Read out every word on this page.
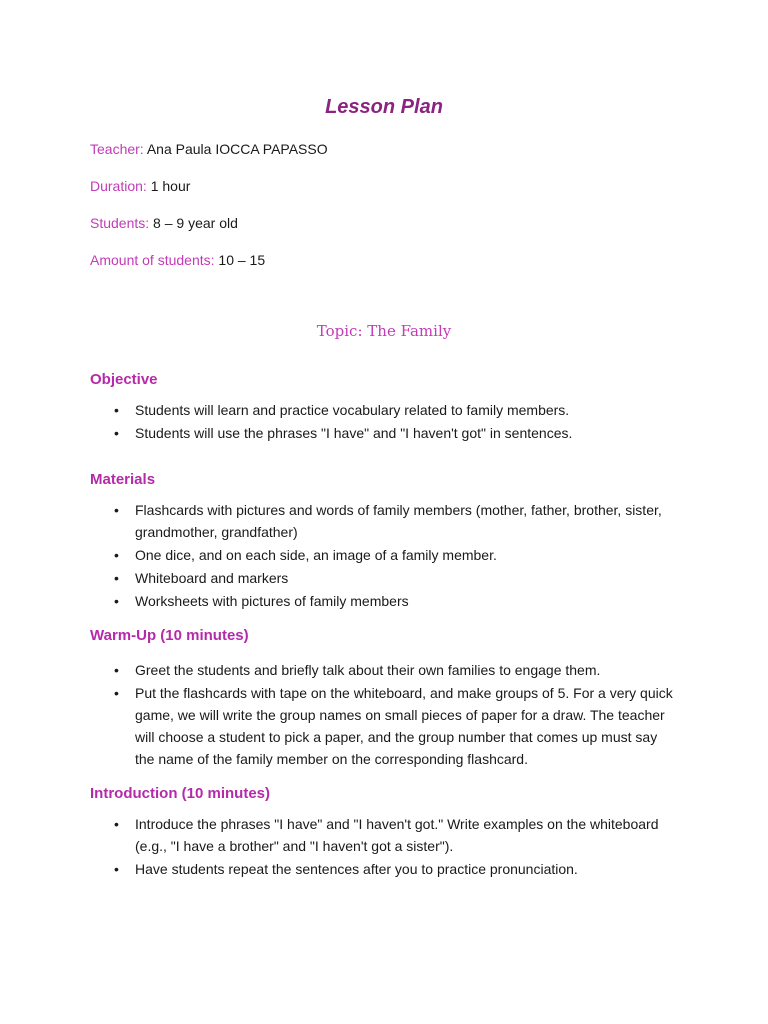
Lesson Plan

Teacher: Ana Paula IOCCA PAPASSO

Duration: 1 hour

Students: 8 – 9 year old

Amount of students: 10 – 15

Topic: The Family

Objective
• Students will learn and practice vocabulary related to family members.
• Students will use the phrases "I have" and "I haven't got" in sentences.
Materials
• Flashcards with pictures and words of family members (mother, father, brother, sister, grandmother, grandfather)
• One dice, and on each side, an image of a family member.
• Whiteboard and markers
• Worksheets with pictures of family members
Warm-Up (10 minutes)
• Greet the students and briefly talk about their own families to engage them.
• Put the flashcards with tape on the whiteboard, and make groups of 5. For a very quick game, we will write the group names on small pieces of paper for a draw. The teacher will choose a student to pick a paper, and the group number that comes up must say the name of the family member on the corresponding flashcard.
Introduction (10 minutes)
• Introduce the phrases "I have" and "I haven't got." Write examples on the whiteboard (e.g., "I have a brother" and "I haven't got a sister").
• Have students repeat the sentences after you to practice pronunciation.
